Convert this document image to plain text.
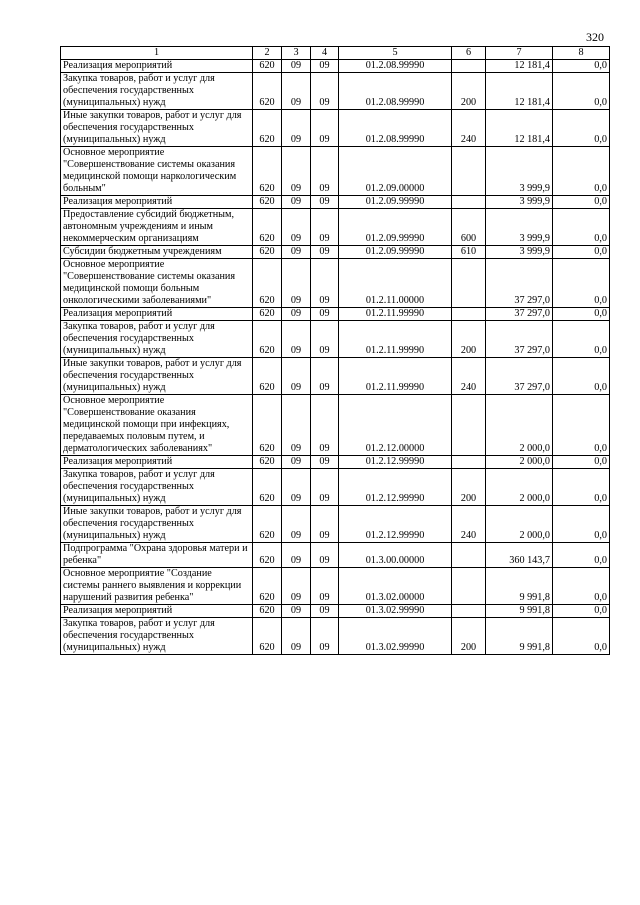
320
1	2	3	4	5	6	7	8
Реализация мероприятий	620	09	09	01.2.08.99990		12 181,4	0,0
Закупка товаров, работ и услуг для обеспечения государственных (муниципальных) нужд	620	09	09	01.2.08.99990	200	12 181,4	0,0
Иные закупки товаров, работ и услуг для обеспечения государственных (муниципальных) нужд	620	09	09	01.2.08.99990	240	12 181,4	0,0
Основное мероприятие "Совершенствование системы оказания медицинской помощи наркологическим больным"	620	09	09	01.2.09.00000		3 999,9	0,0
Реализация мероприятий	620	09	09	01.2.09.99990		3 999,9	0,0
Предоставление субсидий бюджетным, автономным учреждениям и иным некоммерческим организациям	620	09	09	01.2.09.99990	600	3 999,9	0,0
Субсидии бюджетным учреждениям	620	09	09	01.2.09.99990	610	3 999,9	0,0
Основное мероприятие "Совершенствование системы оказания медицинской помощи больным онкологическими заболеваниями"	620	09	09	01.2.11.00000		37 297,0	0,0
Реализация мероприятий	620	09	09	01.2.11.99990		37 297,0	0,0
Закупка товаров, работ и услуг для обеспечения государственных (муниципальных) нужд	620	09	09	01.2.11.99990	200	37 297,0	0,0
Иные закупки товаров, работ и услуг для обеспечения государственных (муниципальных) нужд	620	09	09	01.2.11.99990	240	37 297,0	0,0
Основное мероприятие "Совершенствование оказания медицинской помощи при инфекциях, передаваемых половым путем, и дерматологических заболеваниях"	620	09	09	01.2.12.00000		2 000,0	0,0
Реализация мероприятий	620	09	09	01.2.12.99990		2 000,0	0,0
Закупка товаров, работ и услуг для обеспечения государственных (муниципальных) нужд	620	09	09	01.2.12.99990	200	2 000,0	0,0
Иные закупки товаров, работ и услуг для обеспечения государственных (муниципальных) нужд	620	09	09	01.2.12.99990	240	2 000,0	0,0
Подпрограмма "Охрана здоровья матери и ребенка"	620	09	09	01.3.00.00000		360 143,7	0,0
Основное мероприятие "Создание системы раннего выявления и коррекции нарушений развития ребенка"	620	09	09	01.3.02.00000		9 991,8	0,0
Реализация мероприятий	620	09	09	01.3.02.99990		9 991,8	0,0
Закупка товаров, работ и услуг для обеспечения государственных (муниципальных) нужд	620	09	09	01.3.02.99990	200	9 991,8	0,0
